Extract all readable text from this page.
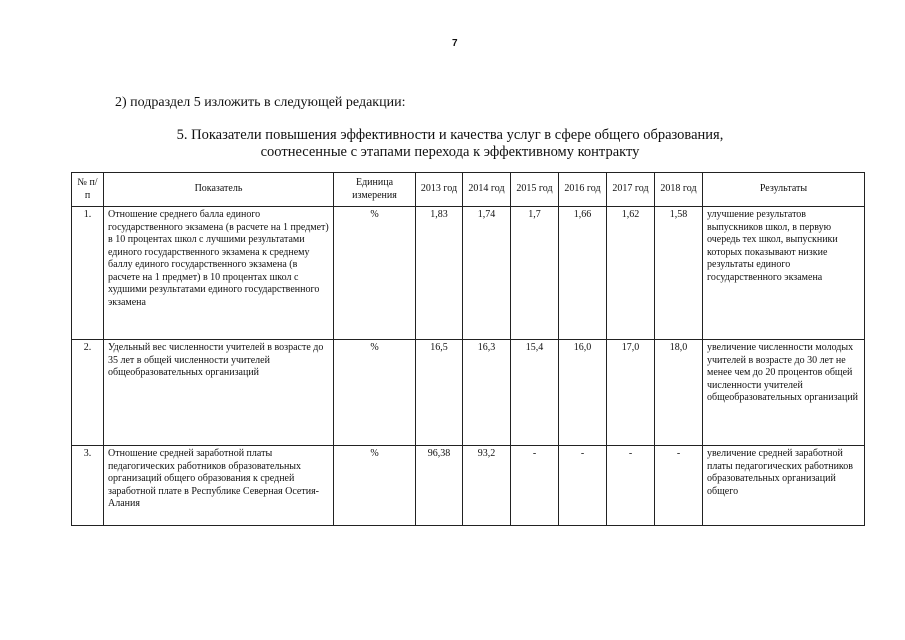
7
2) подраздел 5 изложить в следующей редакции:
5. Показатели повышения эффективности и качества услуг в сфере общего образования,
соотнесенные с этапами перехода к эффективному контракту
№ п/п	Показатель	Единица измерения	2013 год	2014 год	2015 год	2016 год	2017 год	2018 год	Результаты
1.	Отношение среднего балла единого государственного экзамена (в расчете на 1 предмет) в 10 процентах школ с лучшими результатами единого государственного экзамена к среднему баллу единого государственного экзамена (в расчете на 1 предмет) в 10 процентах школ с худшими результатами единого государственного экзамена	%	1,83	1,74	1,7	1,66	1,62	1,58	улучшение результатов выпускников школ, в первую очередь тех школ, выпускники которых показывают низкие результаты единого государственного экзамена
2.	Удельный вес численности учителей в возрасте до 35 лет в общей численности учителей общеобразовательных организаций	%	16,5	16,3	15,4	16,0	17,0	18,0	увеличение численности молодых учителей в возрасте до 30 лет не менее чем до 20 процентов общей численности учителей общеобразовательных организаций
3.	Отношение средней заработной платы педагогических работников образовательных организаций общего образования к средней заработной плате в Республике Северная Осетия-Алания	%	96,38	93,2	-	-	-	-	увеличение средней заработной платы педагогических работников образовательных организаций общего
